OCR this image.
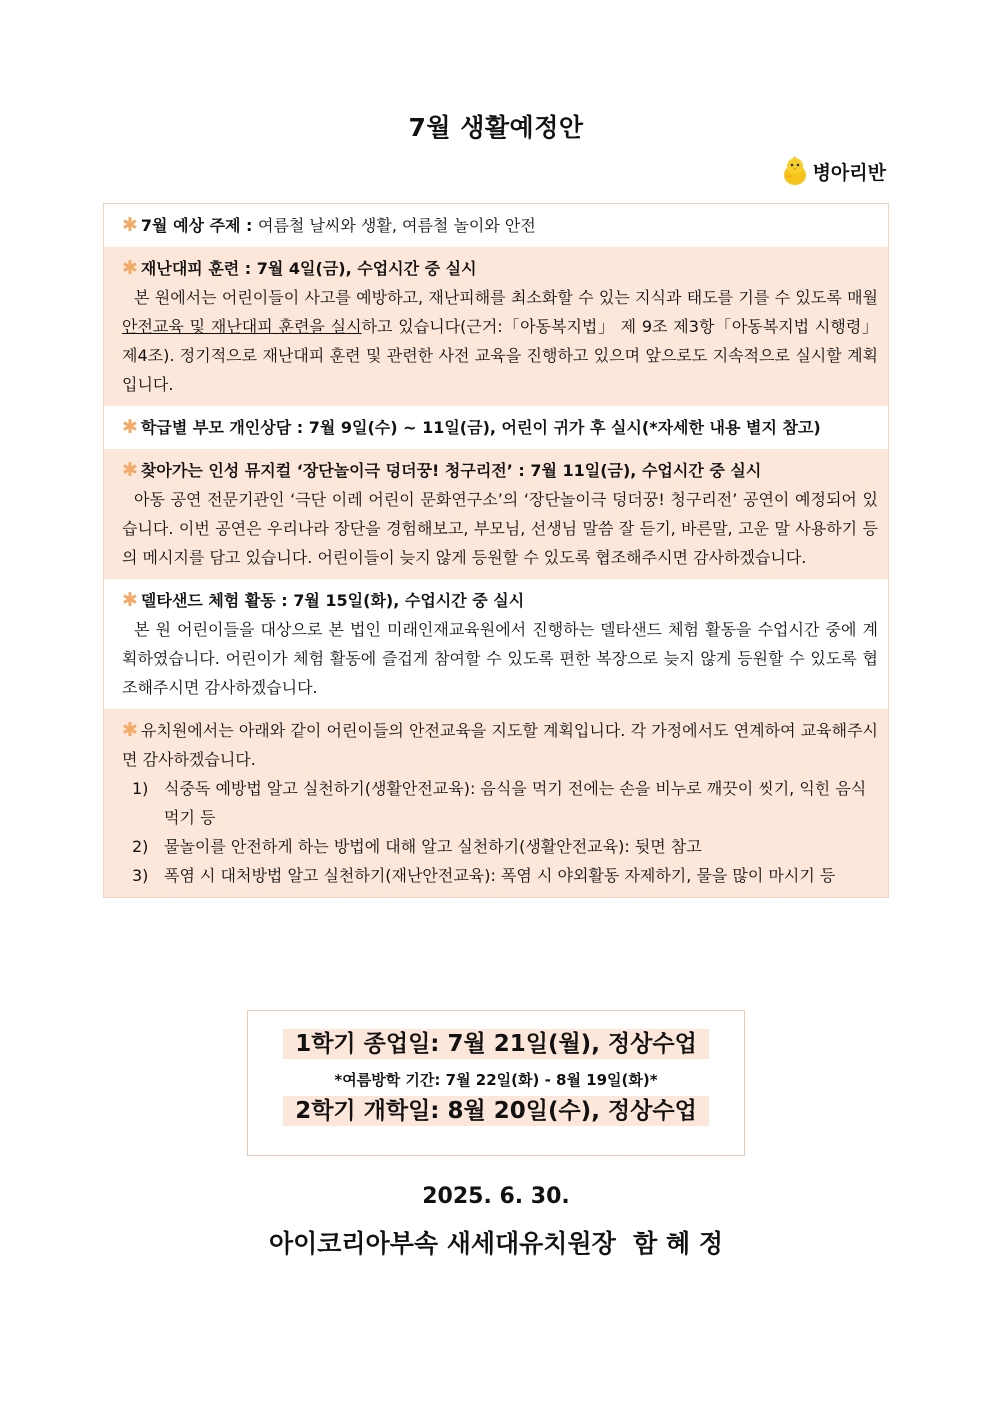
7월 생활예정안
병아리반
✱ 7월 예상 주제 : 여름철 날씨와 생활, 여름철 놀이와 안전
✱ 재난대피 훈련 : 7월 4일(금), 수업시간 중 실시
본 원에서는 어린이들이 사고를 예방하고, 재난피해를 최소화할 수 있는 지식과 태도를 기를 수 있도록 매월 안전교육 및 재난대피 훈련을 실시하고 있습니다(근거:「아동복지법」 제 9조 제3항「아동복지법 시행령」제4조). 정기적으로 재난대피 훈련 및 관련한 사전 교육을 진행하고 있으며 앞으로도 지속적으로 실시할 계획입니다.
✱ 학급별 부모 개인상담 : 7월 9일(수) ~ 11일(금), 어린이 귀가 후 실시(*자세한 내용 별지 참고)
✱ 찾아가는 인성 뮤지컬 ‘장단놀이극 덩더꿍! 청구리전’ : 7월 11일(금), 수업시간 중 실시
아동 공연 전문기관인 ‘극단 이레 어린이 문화연구소’의 ‘장단놀이극 덩더꿍! 청구리전’ 공연이 예정되어 있습니다. 이번 공연은 우리나라 장단을 경험해보고, 부모님, 선생님 말씀 잘 듣기, 바른말, 고운 말 사용하기 등의 메시지를 담고 있습니다. 어린이들이 늦지 않게 등원할 수 있도록 협조해주시면 감사하겠습니다.
✱ 델타샌드 체험 활동 : 7월 15일(화), 수업시간 중 실시
본 원 어린이들을 대상으로 본 법인 미래인재교육원에서 진행하는 델타샌드 체험 활동을 수업시간 중에 계획하였습니다. 어린이가 체험 활동에 즐겁게 참여할 수 있도록 편한 복장으로 늦지 않게 등원할 수 있도록 협조해주시면 감사하겠습니다.
✱ 유치원에서는 아래와 같이 어린이들의 안전교육을 지도할 계획입니다. 각 가정에서도 연계하여 교육해주시면 감사하겠습니다.
1) 식중독 예방법 알고 실천하기(생활안전교육): 음식을 먹기 전에는 손을 비누로 깨끗이 씻기, 익힌 음식 먹기 등
2) 물놀이를 안전하게 하는 방법에 대해 알고 실천하기(생활안전교육): 뒷면 참고
3) 폭염 시 대처방법 알고 실천하기(재난안전교육): 폭염 시 야외활동 자제하기, 물을 많이 마시기 등
1학기 종업일: 7월 21일(월), 정상수업
*여름방학 기간: 7월 22일(화) - 8월 19일(화)*
2학기 개학일: 8월 20일(수), 정상수업
2025. 6. 30.
아이코리아부속 새세대유치원장  함 혜 정
